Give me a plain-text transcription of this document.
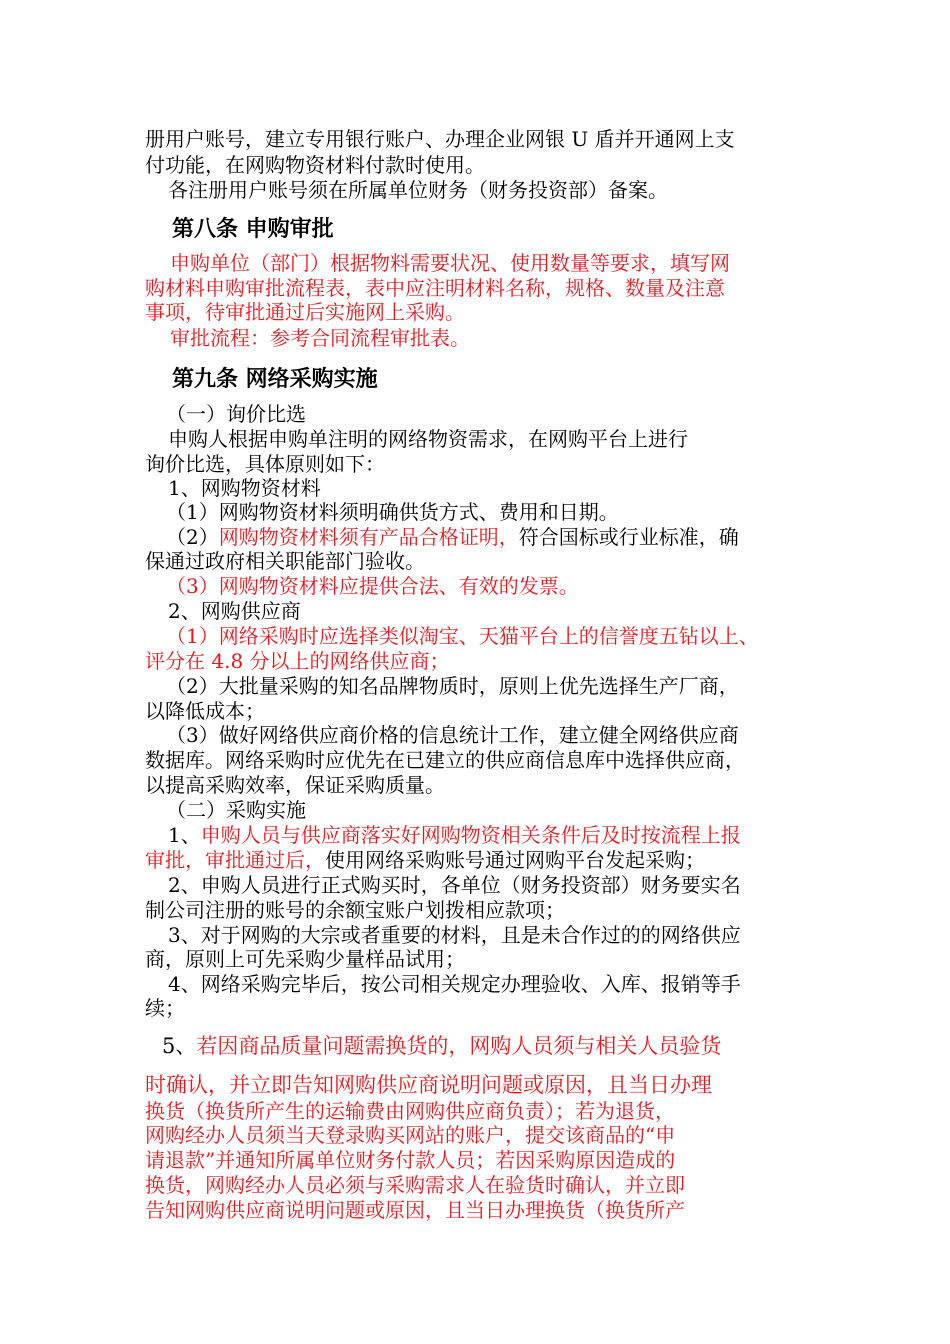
册用户账号，建立专用银行账户、办理企业网银 U 盾并开通网上支
付功能，在网购物资材料付款时使用。
各注册用户账号须在所属单位财务（财务投资部）备案。
第八条 申购审批
申购单位（部门）根据物料需要状况、使用数量等要求，填写网
购材料申购审批流程表，表中应注明材料名称，规格、数量及注意
事项，待审批通过后实施网上采购。
审批流程：参考合同流程审批表。
第九条 网络采购实施
（一）询价比选
申购人根据申购单注明的网络物资需求，在网购平台上进行
询价比选，具体原则如下：
1、网购物资材料
（1）网购物资材料须明确供货方式、费用和日期。
（2）网购物资材料须有产品合格证明，符合国标或行业标准，确
保通过政府相关职能部门验收。
（3）网购物资材料应提供合法、有效的发票。
2、网购供应商
（1）网络采购时应选择类似淘宝、天猫平台上的信誉度五钻以上、
评分在 4.8 分以上的网络供应商；
（2）大批量采购的知名品牌物质时，原则上优先选择生产厂商，
以降低成本；
（3）做好网络供应商价格的信息统计工作，建立健全网络供应商
数据库。网络采购时应优先在已建立的供应商信息库中选择供应商，
以提高采购效率，保证采购质量。
（二）采购实施
1、申购人员与供应商落实好网购物资相关条件后及时按流程上报
审批，审批通过后，使用网络采购账号通过网购平台发起采购；
2、申购人员进行正式购买时，各单位（财务投资部）财务要实名
制公司注册的账号的余额宝账户划拨相应款项；
3、对于网购的大宗或者重要的材料，且是未合作过的的网络供应
商，原则上可先采购少量样品试用；
4、网络采购完毕后，按公司相关规定办理验收、入库、报销等手
续；
5、若因商品质量问题需换货的，网购人员须与相关人员验货
时确认，并立即告知网购供应商说明问题或原因，且当日办理
换货（换货所产生的运输费由网购供应商负责）；若为退货，
网购经办人员须当天登录购买网站的账户，提交该商品的“申
请退款”并通知所属单位财务付款人员；若因采购原因造成的
换货，网购经办人员必须与采购需求人在验货时确认，并立即
告知网购供应商说明问题或原因，且当日办理换货（换货所产
